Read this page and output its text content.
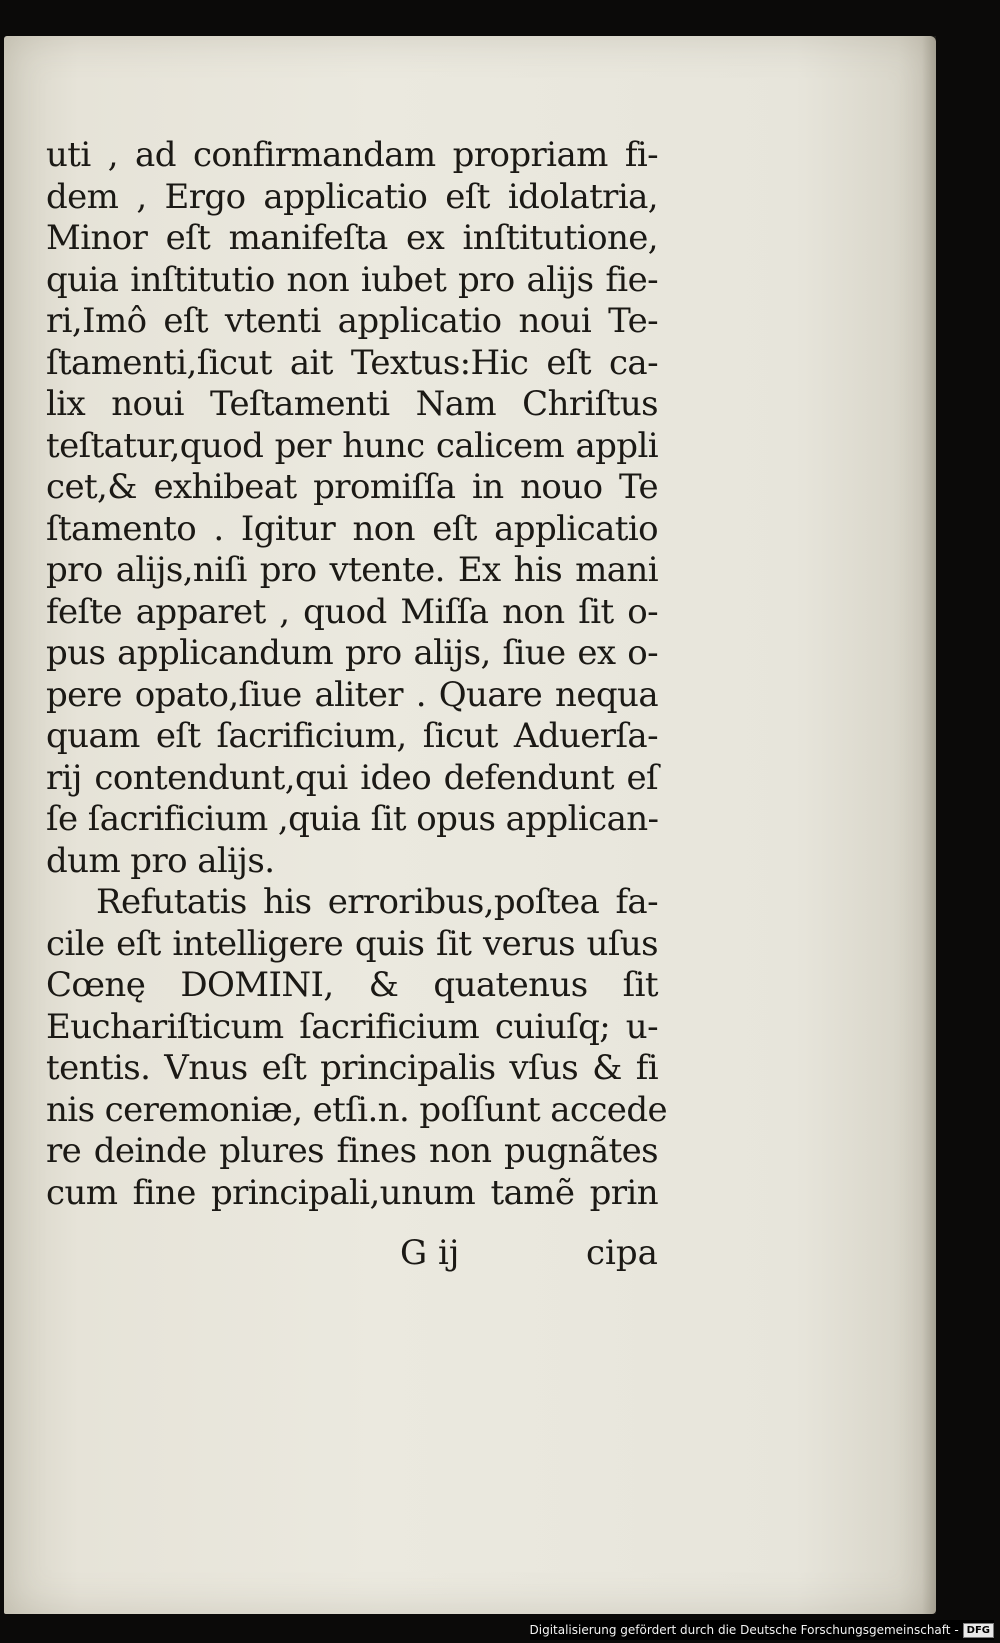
uti , ad confirmandam propriam fi-
dem , Ergo applicatio eſt idolatria,
Minor eſt manifeſta ex inſtitutione,
quia inſtitutio non iubet pro alijs fie-
ri,Imô eſt vtenti applicatio noui Te-
ſtamenti,ſicut ait Textus:Hic eſt ca-
lix noui Teſtamenti Nam Chriſtus
teſtatur,quod per hunc calicem appli
cet,& exhibeat promiſſa in nouo Te
ſtamento . Igitur non eſt applicatio
pro alijs,niſi pro vtente. Ex his mani
feſte apparet , quod Miſſa non ſit o-
pus applicandum pro alijs, ſiue ex o-
pere opato,ſiue aliter . Quare nequa
quam eſt ſacrificium, ſicut Aduerſa-
rij contendunt,qui ideo defendunt eſ
ſe ſacrificium ,quia ſit opus applican-
dum pro alijs.
Refutatis his erroribus,poſtea fa-
cile eſt intelligere quis ſit verus uſus
Cœnę DOMINI, & quatenus ſit
Euchariſticum ſacrificium cuiuſq; u-
tentis. Vnus eſt principalis vſus & fi
nis ceremoniæ, etſi.n. poſſunt accede
re deinde plures fines non pugnãtes
cum fine principali,unum tamẽ prin
G ij	cipa
Digitalisierung gefördert durch die Deutsche Forschungsgemeinschaft - DFG
